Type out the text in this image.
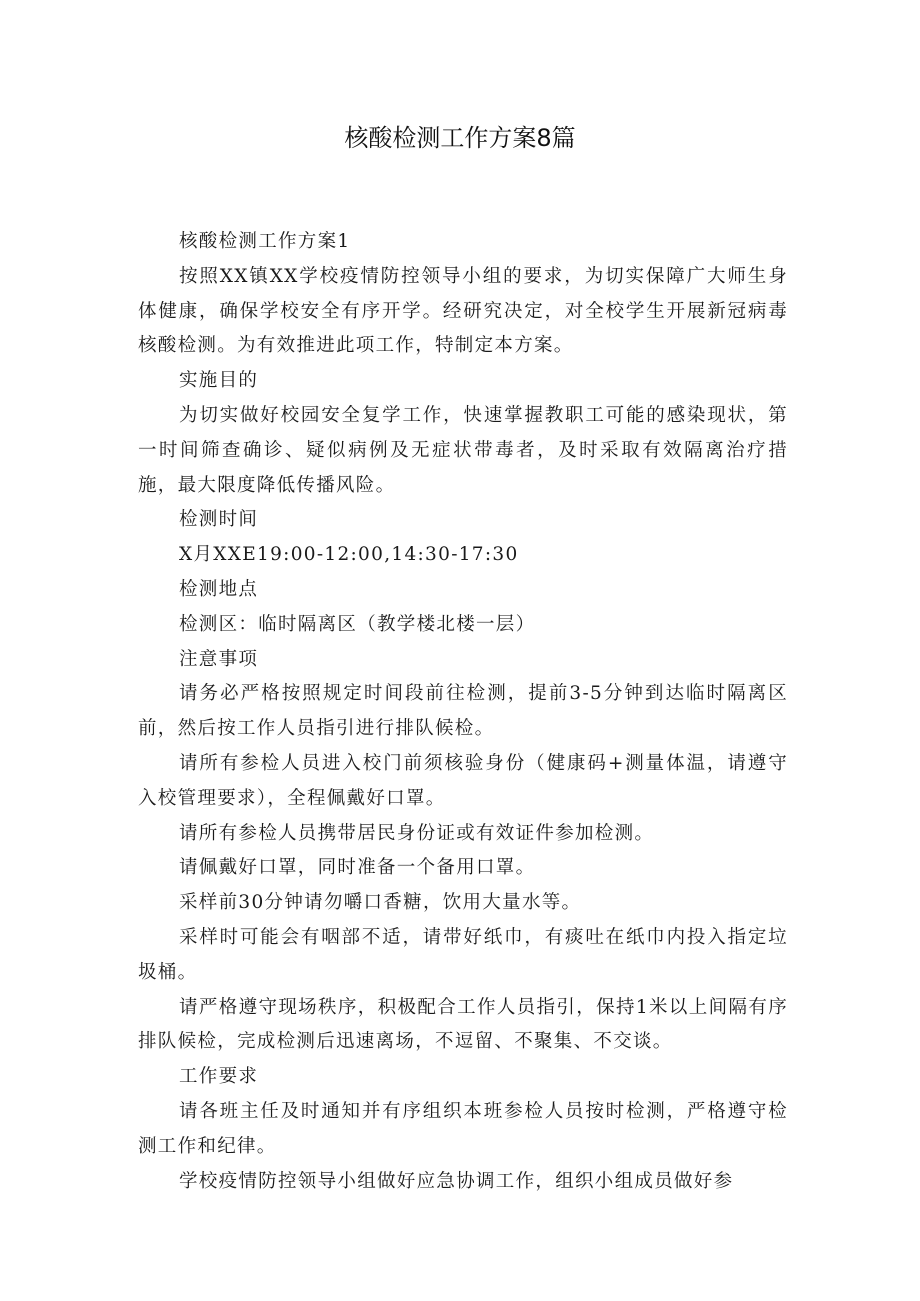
核酸检测工作方案8篇

核酸检测工作方案1

按照XX镇XX学校疫情防控领导小组的要求，为切实保障广大师生身体健康，确保学校安全有序开学。经研究决定，对全校学生开展新冠病毒核酸检测。为有效推进此项工作，特制定本方案。

实施目的

为切实做好校园安全复学工作，快速掌握教职工可能的感染现状，第一时间筛查确诊、疑似病例及无症状带毒者，及时采取有效隔离治疗措施，最大限度降低传播风险。

检测时间

X月XXE19:00-12:00,14:30-17:30

检测地点

检测区：临时隔离区（教学楼北楼一层）

注意事项

请务必严格按照规定时间段前往检测，提前3-5分钟到达临时隔离区前，然后按工作人员指引进行排队候检。

请所有参检人员进入校门前须核验身份（健康码+测量体温，请遵守入校管理要求），全程佩戴好口罩。

请所有参检人员携带居民身份证或有效证件参加检测。

请佩戴好口罩，同时准备一个备用口罩。

采样前30分钟请勿嚼口香糖，饮用大量水等。

采样时可能会有咽部不适，请带好纸巾，有痰吐在纸巾内投入指定垃圾桶。

请严格遵守现场秩序，积极配合工作人员指引，保持1米以上间隔有序排队候检，完成检测后迅速离场，不逗留、不聚集、不交谈。

工作要求

请各班主任及时通知并有序组织本班参检人员按时检测，严格遵守检测工作和纪律。

学校疫情防控领导小组做好应急协调工作，组织小组成员做好参
